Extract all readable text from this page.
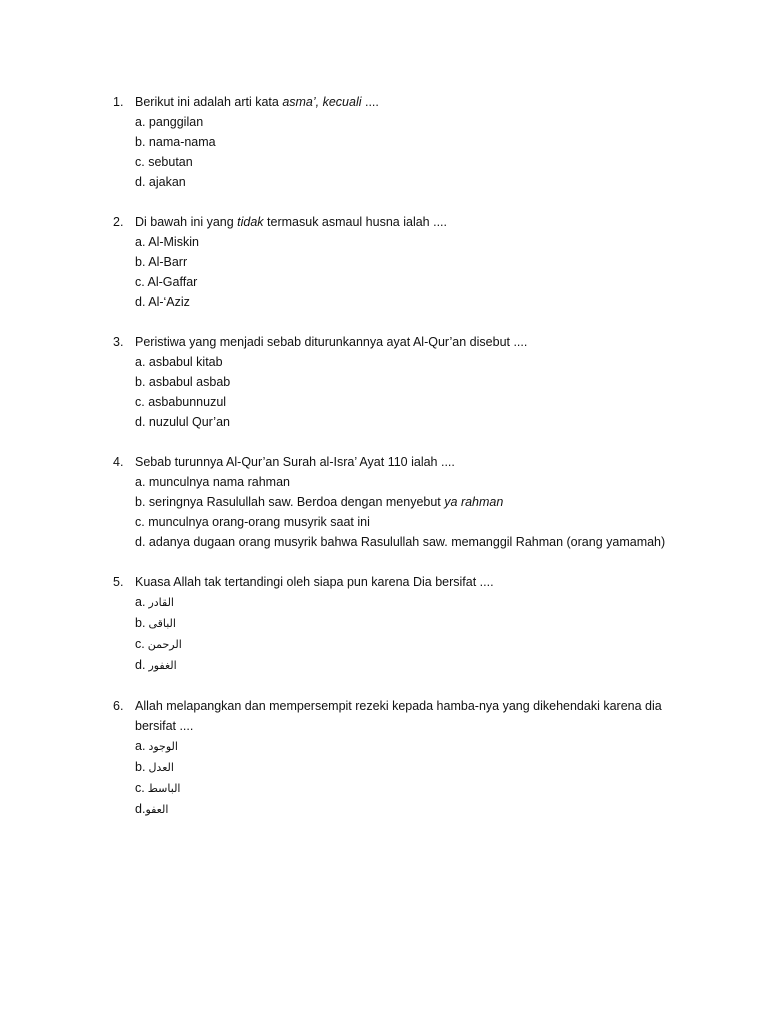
1. Berikut ini adalah arti kata asma’, kecuali ....
a. panggilan
b. nama-nama
c. sebutan
d. ajakan
2. Di bawah ini yang tidak termasuk asmaul husna ialah ....
a. Al-Miskin
b. Al-Barr
c. Al-Gaffar
d. Al-‘Aziz
3. Peristiwa yang menjadi sebab diturunkannya ayat Al-Qur’an disebut ....
a. asbabul kitab
b. asbabul asbab
c. asbabunnuzul
d. nuzulul Qur’an
4. Sebab turunnya Al-Qur’an Surah al-Isra’ Ayat 110 ialah ....
a. munculnya nama rahman
b. seringnya Rasulullah saw. Berdoa dengan menyebut ya rahman
c. munculnya orang-orang musyrik saat ini
d. adanya dugaan orang musyrik bahwa Rasulullah saw. memanggil Rahman (orang yamamah)
5. Kuasa Allah tak tertandingi oleh siapa pun karena Dia bersifat ....
a. القادر
b. الباقى
c. الرحمن
d. الغفور
6. Allah melapangkan dan mempersempit rezeki kepada hamba-nya yang dikehendaki karena dia bersifat ....
a. الوجود
b. العدل
c. الباسط
d.العفو
